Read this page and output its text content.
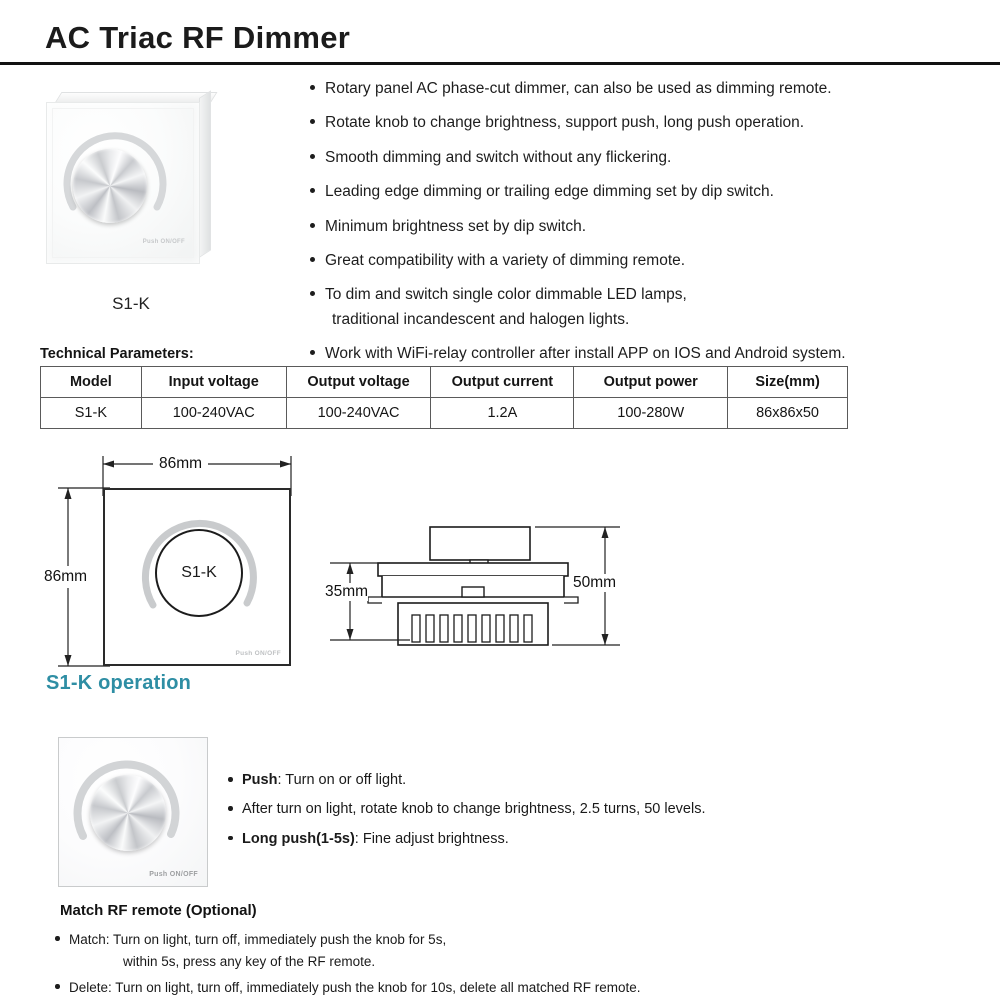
AC Triac RF Dimmer
Push ON/OFF
S1-K
Rotary panel AC phase-cut dimmer, can also be used as dimming remote.
Rotate knob to change brightness, support push, long push operation.
Smooth dimming and switch without any flickering.
Leading edge dimming or trailing edge dimming set by dip switch.
Minimum brightness set by dip switch.
Great compatibility with a variety of dimming remote.
To dim and switch single color dimmable LED lamps,
traditional incandescent and halogen lights.
Work with WiFi-relay controller after install APP on IOS and Android system.
Technical Parameters:
Model	Input voltage	Output voltage	Output current	Output power	Size(mm)
S1-K	100-240VAC	100-240VAC	1.2A	100-280W	86x86x50
86mm
86mm	S1-K
Push ON/OFF
35mm
50mm
S1-K operation
Push ON/OFF
Push: Turn on or off light.
After turn on light, rotate knob to change brightness, 2.5 turns, 50 levels.
Long push(1-5s): Fine adjust brightness.
Match RF remote (Optional)
Match: Turn on light, turn off, immediately push the knob for 5s,
within 5s, press any key of the RF remote.
Delete: Turn on light, turn off, immediately push the knob for 10s, delete all matched RF remote.
